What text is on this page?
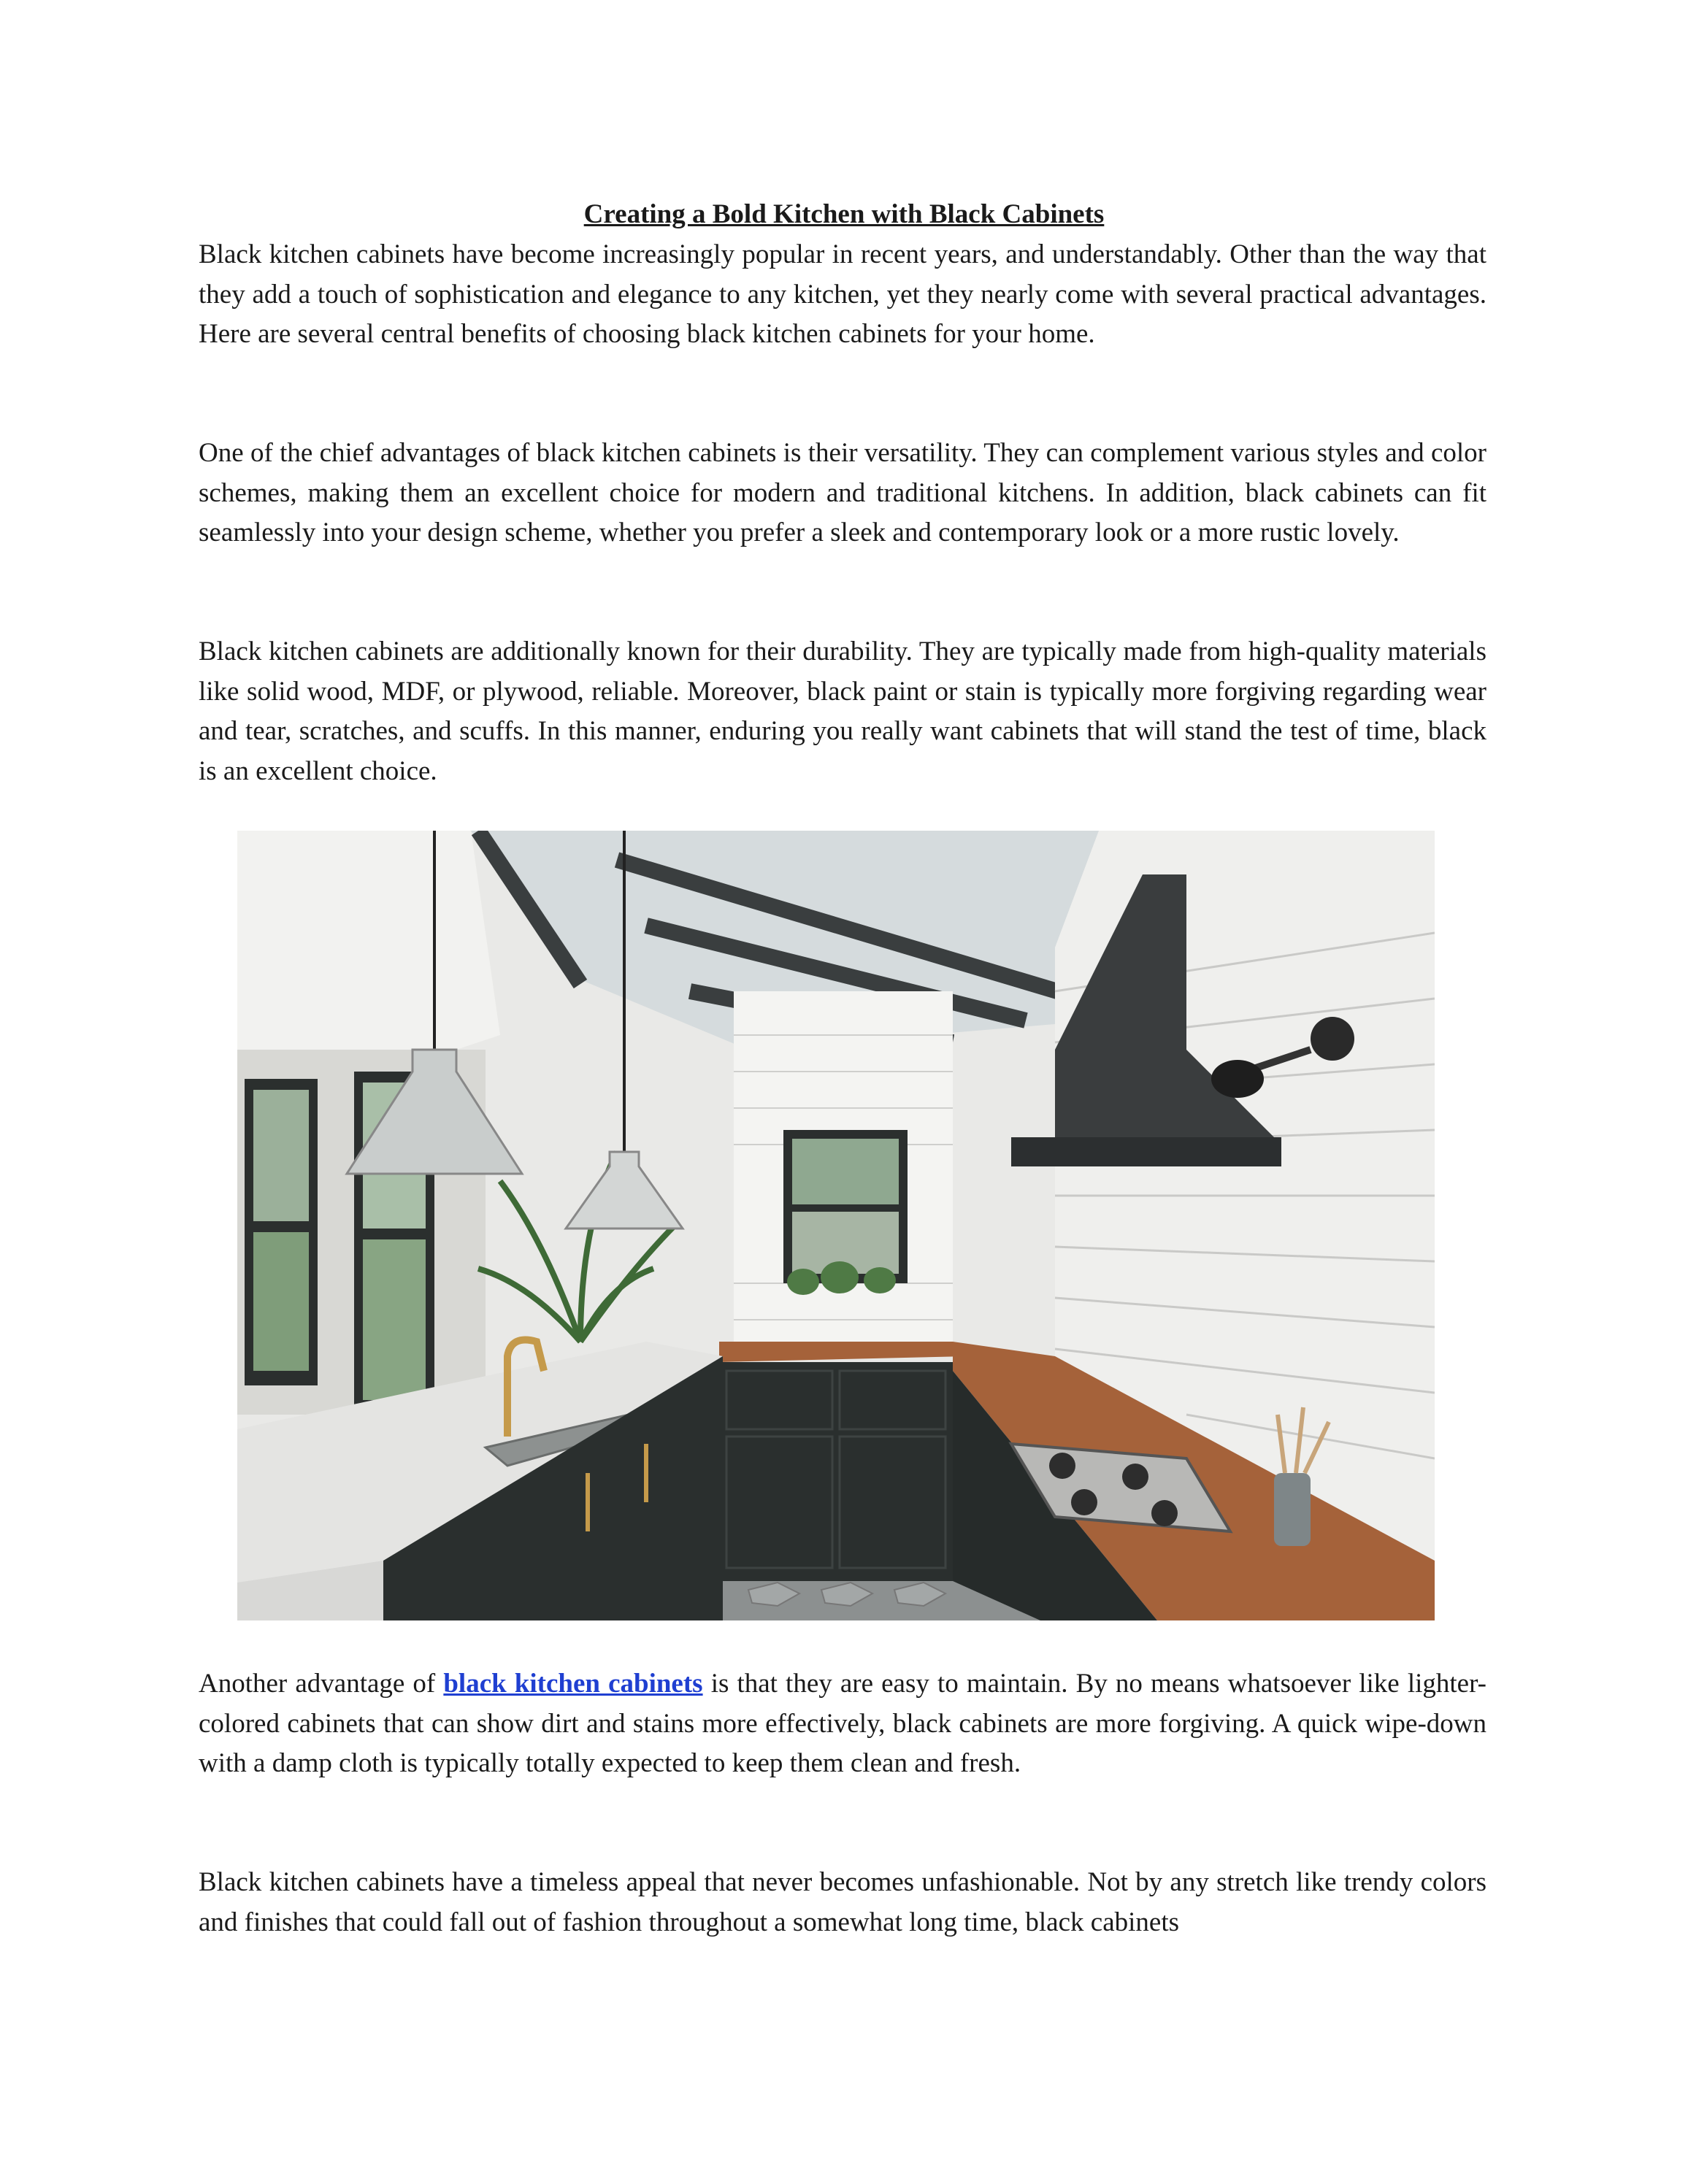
Creating a Bold Kitchen with Black Cabinets

Black kitchen cabinets have become increasingly popular in recent years, and understandably. Other than the way that they add a touch of sophistication and elegance to any kitchen, yet they nearly come with several practical advantages. Here are several central benefits of choosing black kitchen cabinets for your home.

One of the chief advantages of black kitchen cabinets is their versatility. They can complement various styles and color schemes, making them an excellent choice for modern and traditional kitchens. In addition, black cabinets can fit seamlessly into your design scheme, whether you prefer a sleek and contemporary look or a more rustic lovely.

Black kitchen cabinets are additionally known for their durability. They are typically made from high-quality materials like solid wood, MDF, or plywood, reliable. Moreover, black paint or stain is typically more forgiving regarding wear and tear, scratches, and scuffs. In this manner, enduring you really want cabinets that will stand the test of time, black is an excellent choice.

Another advantage of black kitchen cabinets is that they are easy to maintain. By no means whatsoever like lighter-colored cabinets that can show dirt and stains more effectively, black cabinets are more forgiving. A quick wipe-down with a damp cloth is typically totally expected to keep them clean and fresh.

Black kitchen cabinets have a timeless appeal that never becomes unfashionable. Not by any stretch like trendy colors and finishes that could fall out of fashion throughout a somewhat long time, black cabinets
